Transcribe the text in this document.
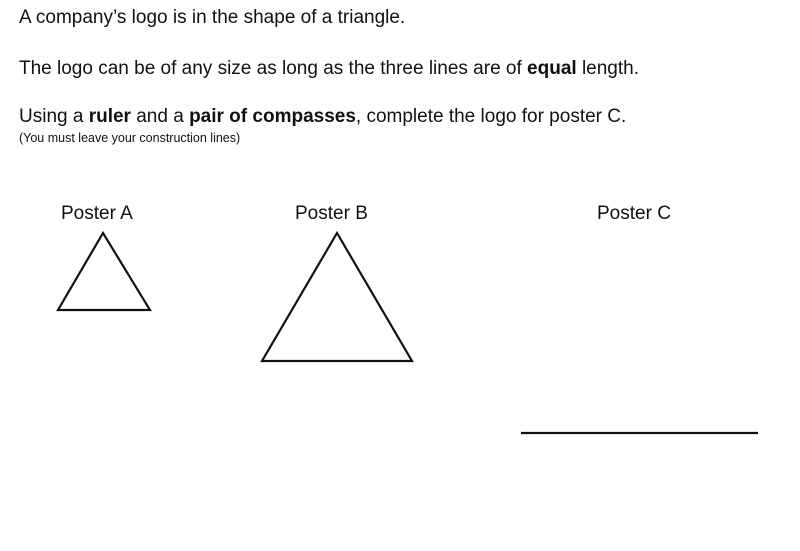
A company’s logo is in the shape of a triangle.
The logo can be of any size as long as the three lines are of equal length.
Using a ruler and a pair of compasses, complete the logo for poster C.
(You must leave your construction lines)
Poster A	Poster B	Poster C
